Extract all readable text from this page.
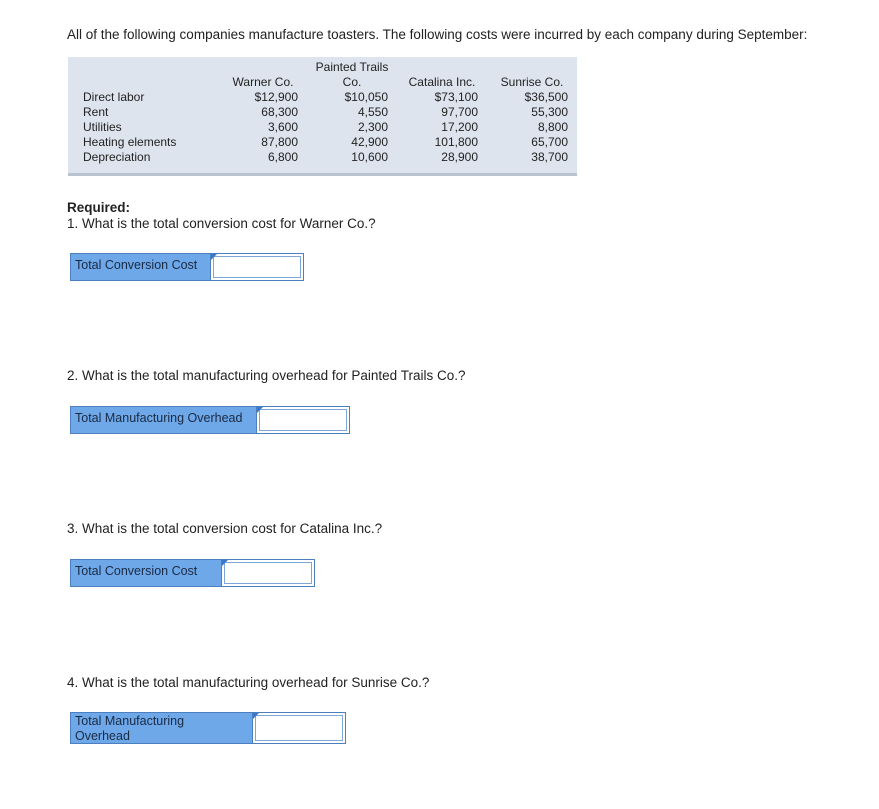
All of the following companies manufacture toasters. The following costs were incurred by each company during September:
Warner Co.
Painted Trails
Co.	Catalina Inc.	Sunrise Co.
Direct labor
Rent
Utilities
Heating elements
Depreciation
$12,900
68,300
3,600
87,800
6,800
$10,050
4,550
2,300
42,900
10,600
$73,100
97,700
17,200
101,800
28,900
$36,500
55,300
8,800
65,700
38,700
Required:
1. What is the total conversion cost for Warner Co.?
Total Conversion Cost
2. What is the total manufacturing overhead for Painted Trails Co.?
Total Manufacturing Overhead
3. What is the total conversion cost for Catalina Inc.?
Total Conversion Cost
4. What is the total manufacturing overhead for Sunrise Co.?
Total Manufacturing
Overhead
